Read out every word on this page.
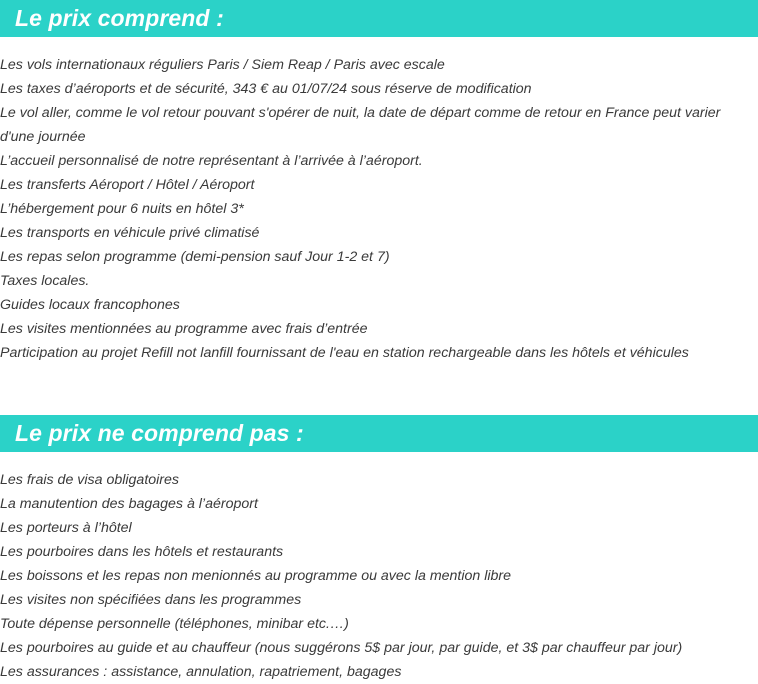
Le prix comprend :
Les vols internationaux réguliers Paris / Siem Reap / Paris avec escale
Les taxes d’aéroports et de sécurité, 343 € au 01/07/24 sous réserve de modification
Le vol aller, comme le vol retour pouvant s'opérer de nuit, la date de départ comme de retour en France peut varier d'une journée
L’accueil personnalisé de notre représentant à l’arrivée à l’aéroport.
Les transferts Aéroport / Hôtel / Aéroport
L’hébergement pour 6 nuits en hôtel 3*
Les transports en véhicule privé climatisé
Les repas selon programme (demi-pension sauf Jour 1-2 et 7)
Taxes locales.
Guides locaux francophones
Les visites mentionnées au programme avec frais d’entrée
Participation au projet Refill not lanfill fournissant de l'eau en station rechargeable dans les hôtels et véhicules
Le prix ne comprend pas :
Les frais de visa obligatoires
La manutention des bagages à l’aéroport
Les porteurs à l’hôtel
Les pourboires dans les hôtels et restaurants
Les boissons et les repas non menionnés au programme ou avec la mention libre
Les visites non spécifiées dans les programmes
Toute dépense personnelle (téléphones, minibar etc.…)
Les pourboires au guide et au chauffeur (nous suggérons 5$ par jour, par guide, et 3$ par chauffeur par jour)
Les assurances : assistance, annulation, rapatriement, bagages
